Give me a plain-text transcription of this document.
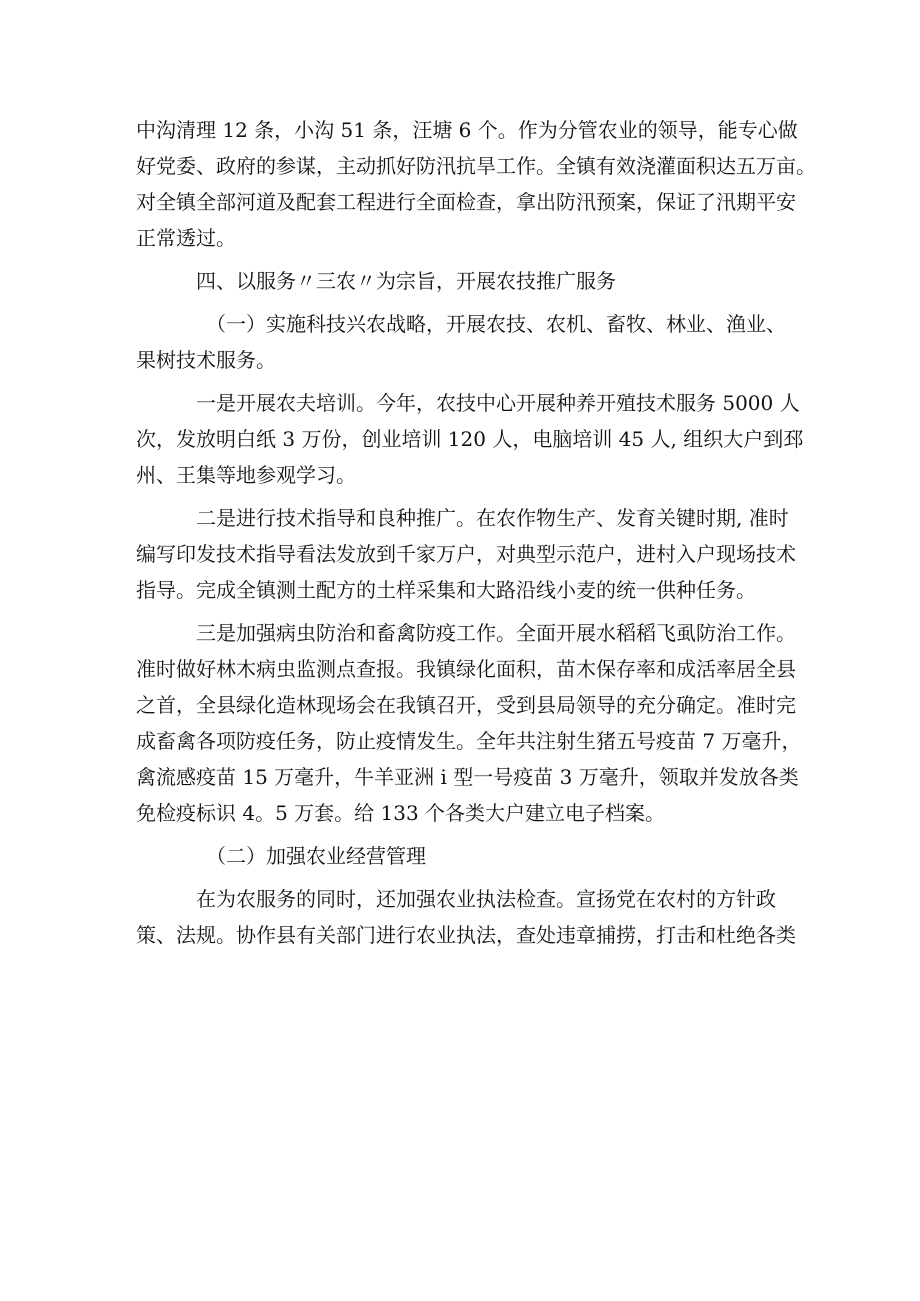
中沟清理 12 条，小沟 51 条，汪塘 6 个。作为分管农业的领导，能专心做
好党委、政府的参谋，主动抓好防汛抗旱工作。全镇有效浇灌面积达五万亩。
对全镇全部河道及配套工程进行全面检查，拿出防汛预案，保证了汛期平安
正常透过。
四、以服务〃三农〃为宗旨，开展农技推广服务
（一）实施科技兴农战略，开展农技、农机、畜牧、林业、渔业、
果树技术服务。
一是开展农夫培训。今年，农技中心开展种养开殖技术服务 5000 人
次，发放明白纸 3 万份，创业培训 120 人，电脑培训 45 人, 组织大户到邳
州、王集等地参观学习。
二是进行技术指导和良种推广。在农作物生产、发育关键时期, 准时
编写印发技术指导看法发放到千家万户，对典型示范户，进村入户现场技术
指导。完成全镇测土配方的土样采集和大路沿线小麦的统一供种任务。
三是加强病虫防治和畜禽防疫工作。全面开展水稻稻飞虱防治工作。
准时做好林木病虫监测点查报。我镇绿化面积，苗木保存率和成活率居全县
之首，全县绿化造林现场会在我镇召开，受到县局领导的充分确定。准时完
成畜禽各项防疫任务，防止疫情发生。全年共注射生猪五号疫苗 7 万毫升，
禽流感疫苗 15 万毫升，牛羊亚洲 i 型一号疫苗 3 万毫升，领取并发放各类
免检疫标识 4。5 万套。给 133 个各类大户建立电子档案。
（二）加强农业经营管理
在为农服务的同时，还加强农业执法检查。宣扬党在农村的方针政
策、法规。协作县有关部门进行农业执法，查处违章捕捞，打击和杜绝各类
